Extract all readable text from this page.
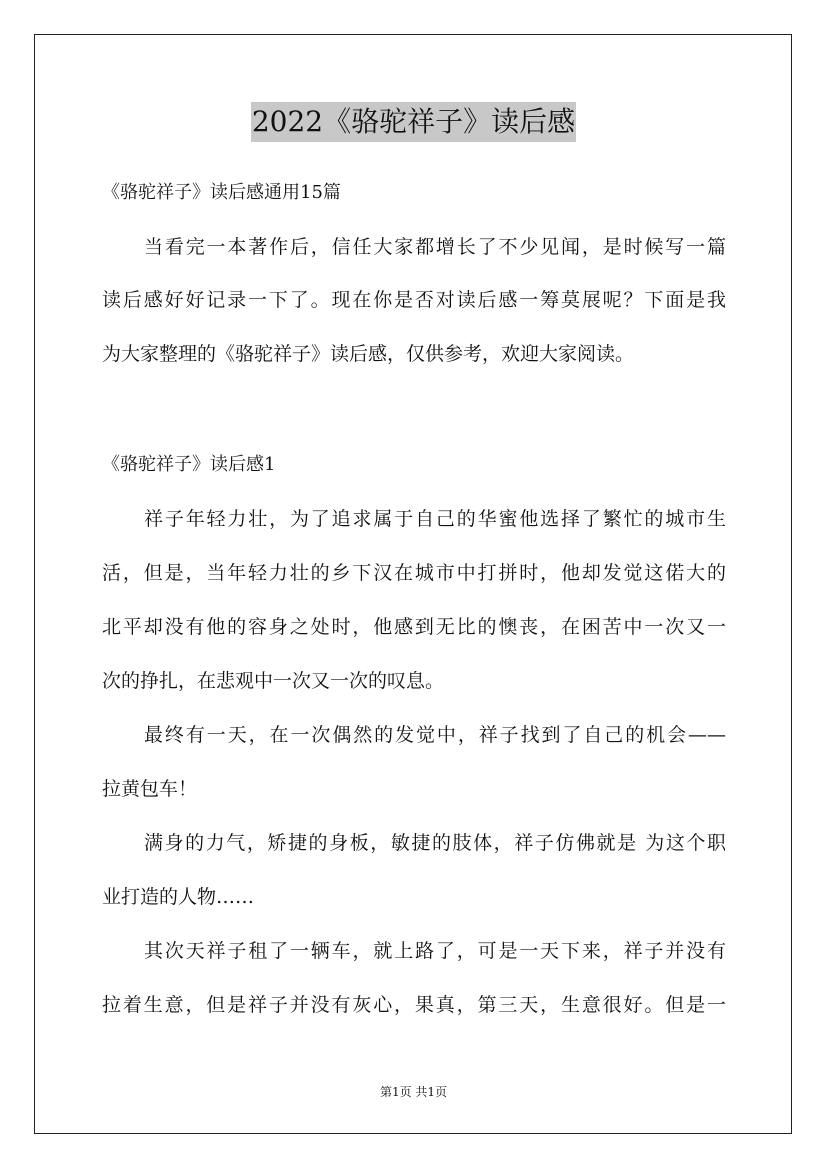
2022《骆驼祥子》读后感
《骆驼祥子》读后感通用15篇
当看完一本著作后，信任大家都增长了不少见闻，是时候写一篇
读后感好好记录一下了。现在你是否对读后感一筹莫展呢？下面是我
为大家整理的《骆驼祥子》读后感，仅供参考，欢迎大家阅读。
《骆驼祥子》读后感1
祥子年轻力壮，为了追求属于自己的华蜜他选择了繁忙的城市生
活，但是，当年轻力壮的乡下汉在城市中打拼时，他却发觉这偌大的
北平却没有他的容身之处时，他感到无比的懊丧，在困苦中一次又一
次的挣扎，在悲观中一次又一次的叹息。
最终有一天，在一次偶然的发觉中，祥子找到了自己的机会——
拉黄包车！
满身的力气，矫捷的身板，敏捷的肢体，祥子仿佛就是 为这个职
业打造的人物……
其次天祥子租了一辆车，就上路了，可是一天下来，祥子并没有
拉着生意，但是祥子并没有灰心，果真，第三天，生意很好。但是一
第1页 共1页
